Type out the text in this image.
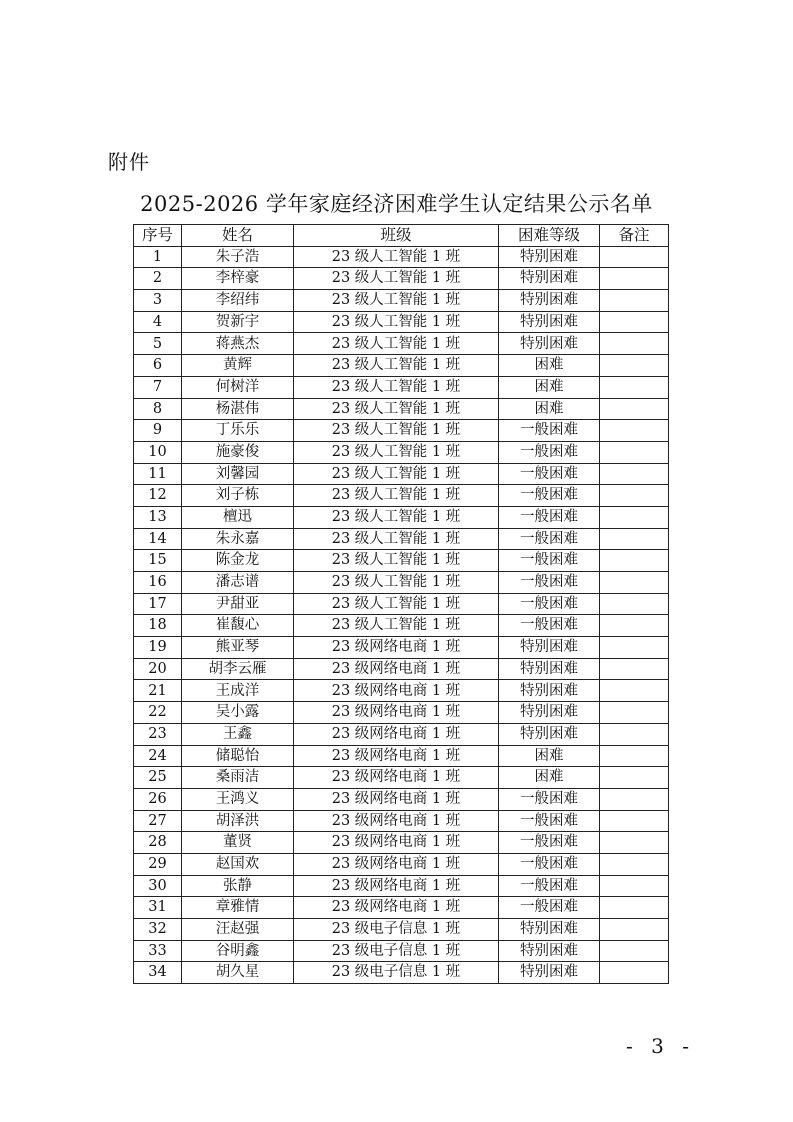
附件
2025-2026 学年家庭经济困难学生认定结果公示名单
序号	姓名	班级	困难等级	备注
1	朱子浩	23 级人工智能 1 班	特别困难	
2	李梓豪	23 级人工智能 1 班	特别困难	
3	李绍纬	23 级人工智能 1 班	特别困难	
4	贺新宇	23 级人工智能 1 班	特别困难	
5	蒋燕杰	23 级人工智能 1 班	特别困难	
6	黄辉	23 级人工智能 1 班	困难	
7	何树洋	23 级人工智能 1 班	困难	
8	杨湛伟	23 级人工智能 1 班	困难	
9	丁乐乐	23 级人工智能 1 班	一般困难	
10	施豪俊	23 级人工智能 1 班	一般困难	
11	刘馨园	23 级人工智能 1 班	一般困难	
12	刘子栋	23 级人工智能 1 班	一般困难	
13	檀迅	23 级人工智能 1 班	一般困难	
14	朱永嘉	23 级人工智能 1 班	一般困难	
15	陈金龙	23 级人工智能 1 班	一般困难	
16	潘志谱	23 级人工智能 1 班	一般困难	
17	尹甜亚	23 级人工智能 1 班	一般困难	
18	崔馥心	23 级人工智能 1 班	一般困难	
19	熊亚琴	23 级网络电商 1 班	特别困难	
20	胡李云雁	23 级网络电商 1 班	特别困难	
21	王成洋	23 级网络电商 1 班	特别困难	
22	吴小露	23 级网络电商 1 班	特别困难	
23	王鑫	23 级网络电商 1 班	特别困难	
24	储聪怡	23 级网络电商 1 班	困难	
25	桑雨洁	23 级网络电商 1 班	困难	
26	王鸿义	23 级网络电商 1 班	一般困难	
27	胡泽洪	23 级网络电商 1 班	一般困难	
28	董贤	23 级网络电商 1 班	一般困难	
29	赵国欢	23 级网络电商 1 班	一般困难	
30	张静	23 级网络电商 1 班	一般困难	
31	章雅情	23 级网络电商 1 班	一般困难	
32	汪赵强	23 级电子信息 1 班	特别困难	
33	谷明鑫	23 级电子信息 1 班	特别困难	
34	胡久星	23 级电子信息 1 班	特别困难	
- 3 -
